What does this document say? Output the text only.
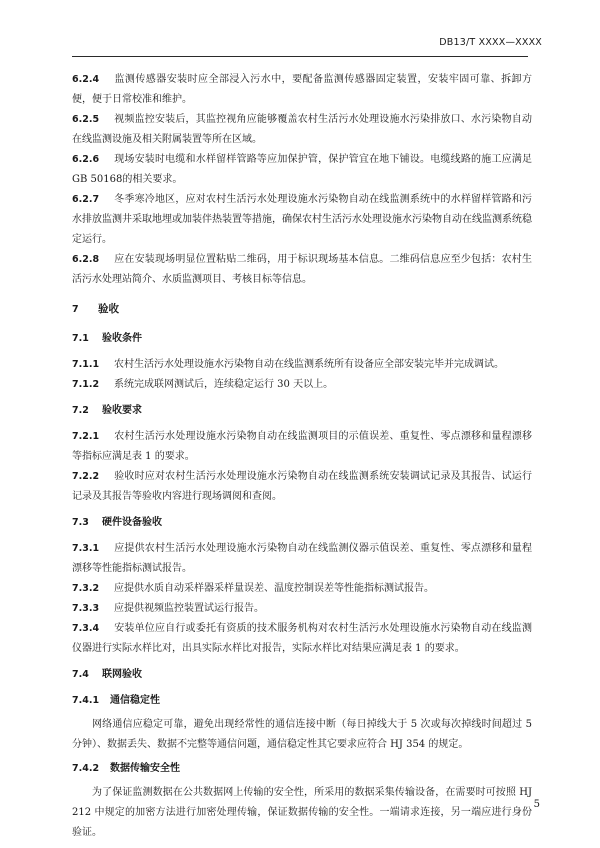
DB13/T XXXX—XXXX

6.2.4 监测传感器安装时应全部浸入污水中，要配备监测传感器固定装置，安装牢固可靠、拆卸方便，便于日常校准和维护。

6.2.5 视频监控安装后，其监控视角应能够覆盖农村生活污水处理设施水污染排放口、水污染物自动在线监测设施及相关附属装置等所在区域。

6.2.6 现场安装时电缆和水样留样管路等应加保护管，保护管宜在地下铺设。电缆线路的施工应满足GB 50168的相关要求。

6.2.7 冬季寒冷地区，应对农村生活污水处理设施水污染物自动在线监测系统中的水样留样管路和污水排放监测井采取地埋或加装伴热装置等措施，确保农村生活污水处理设施水污染物自动在线监测系统稳定运行。

6.2.8 应在安装现场明显位置粘贴二维码，用于标识现场基本信息。二维码信息应至少包括：农村生活污水处理站简介、水质监测项目、考核目标等信息。

7 验收
7.1 验收条件

7.1.1 农村生活污水处理设施水污染物自动在线监测系统所有设备应全部安装完毕并完成调试。

7.1.2 系统完成联网测试后，连续稳定运行 30 天以上。

7.2 验收要求

7.2.1 农村生活污水处理设施水污染物自动在线监测项目的示值误差、重复性、零点漂移和量程漂移等指标应满足表 1 的要求。

7.2.2 验收时应对农村生活污水处理设施水污染物自动在线监测系统安装调试记录及其报告、试运行记录及其报告等验收内容进行现场调阅和查阅。

7.3 硬件设备验收

7.3.1 应提供农村生活污水处理设施水污染物自动在线监测仪器示值误差、重复性、零点漂移和量程漂移等性能指标测试报告。

7.3.2 应提供水质自动采样器采样量误差、温度控制误差等性能指标测试报告。

7.3.3 应提供视频监控装置试运行报告。

7.3.4 安装单位应自行或委托有资质的技术服务机构对农村生活污水处理设施水污染物自动在线监测仪器进行实际水样比对，出具实际水样比对报告，实际水样比对结果应满足表 1 的要求。

7.4 联网验收
7.4.1 通信稳定性

网络通信应稳定可靠，避免出现经常性的通信连接中断（每日掉线大于 5 次或每次掉线时间超过 5 分钟）、数据丢失、数据不完整等通信问题，通信稳定性其它要求应符合 HJ 354 的规定。

7.4.2 数据传输安全性

为了保证监测数据在公共数据网上传输的安全性，所采用的数据采集传输设备，在需要时可按照 HJ 212 中规定的加密方法进行加密处理传输，保证数据传输的安全性。一端请求连接，另一端应进行身份验证。

5
